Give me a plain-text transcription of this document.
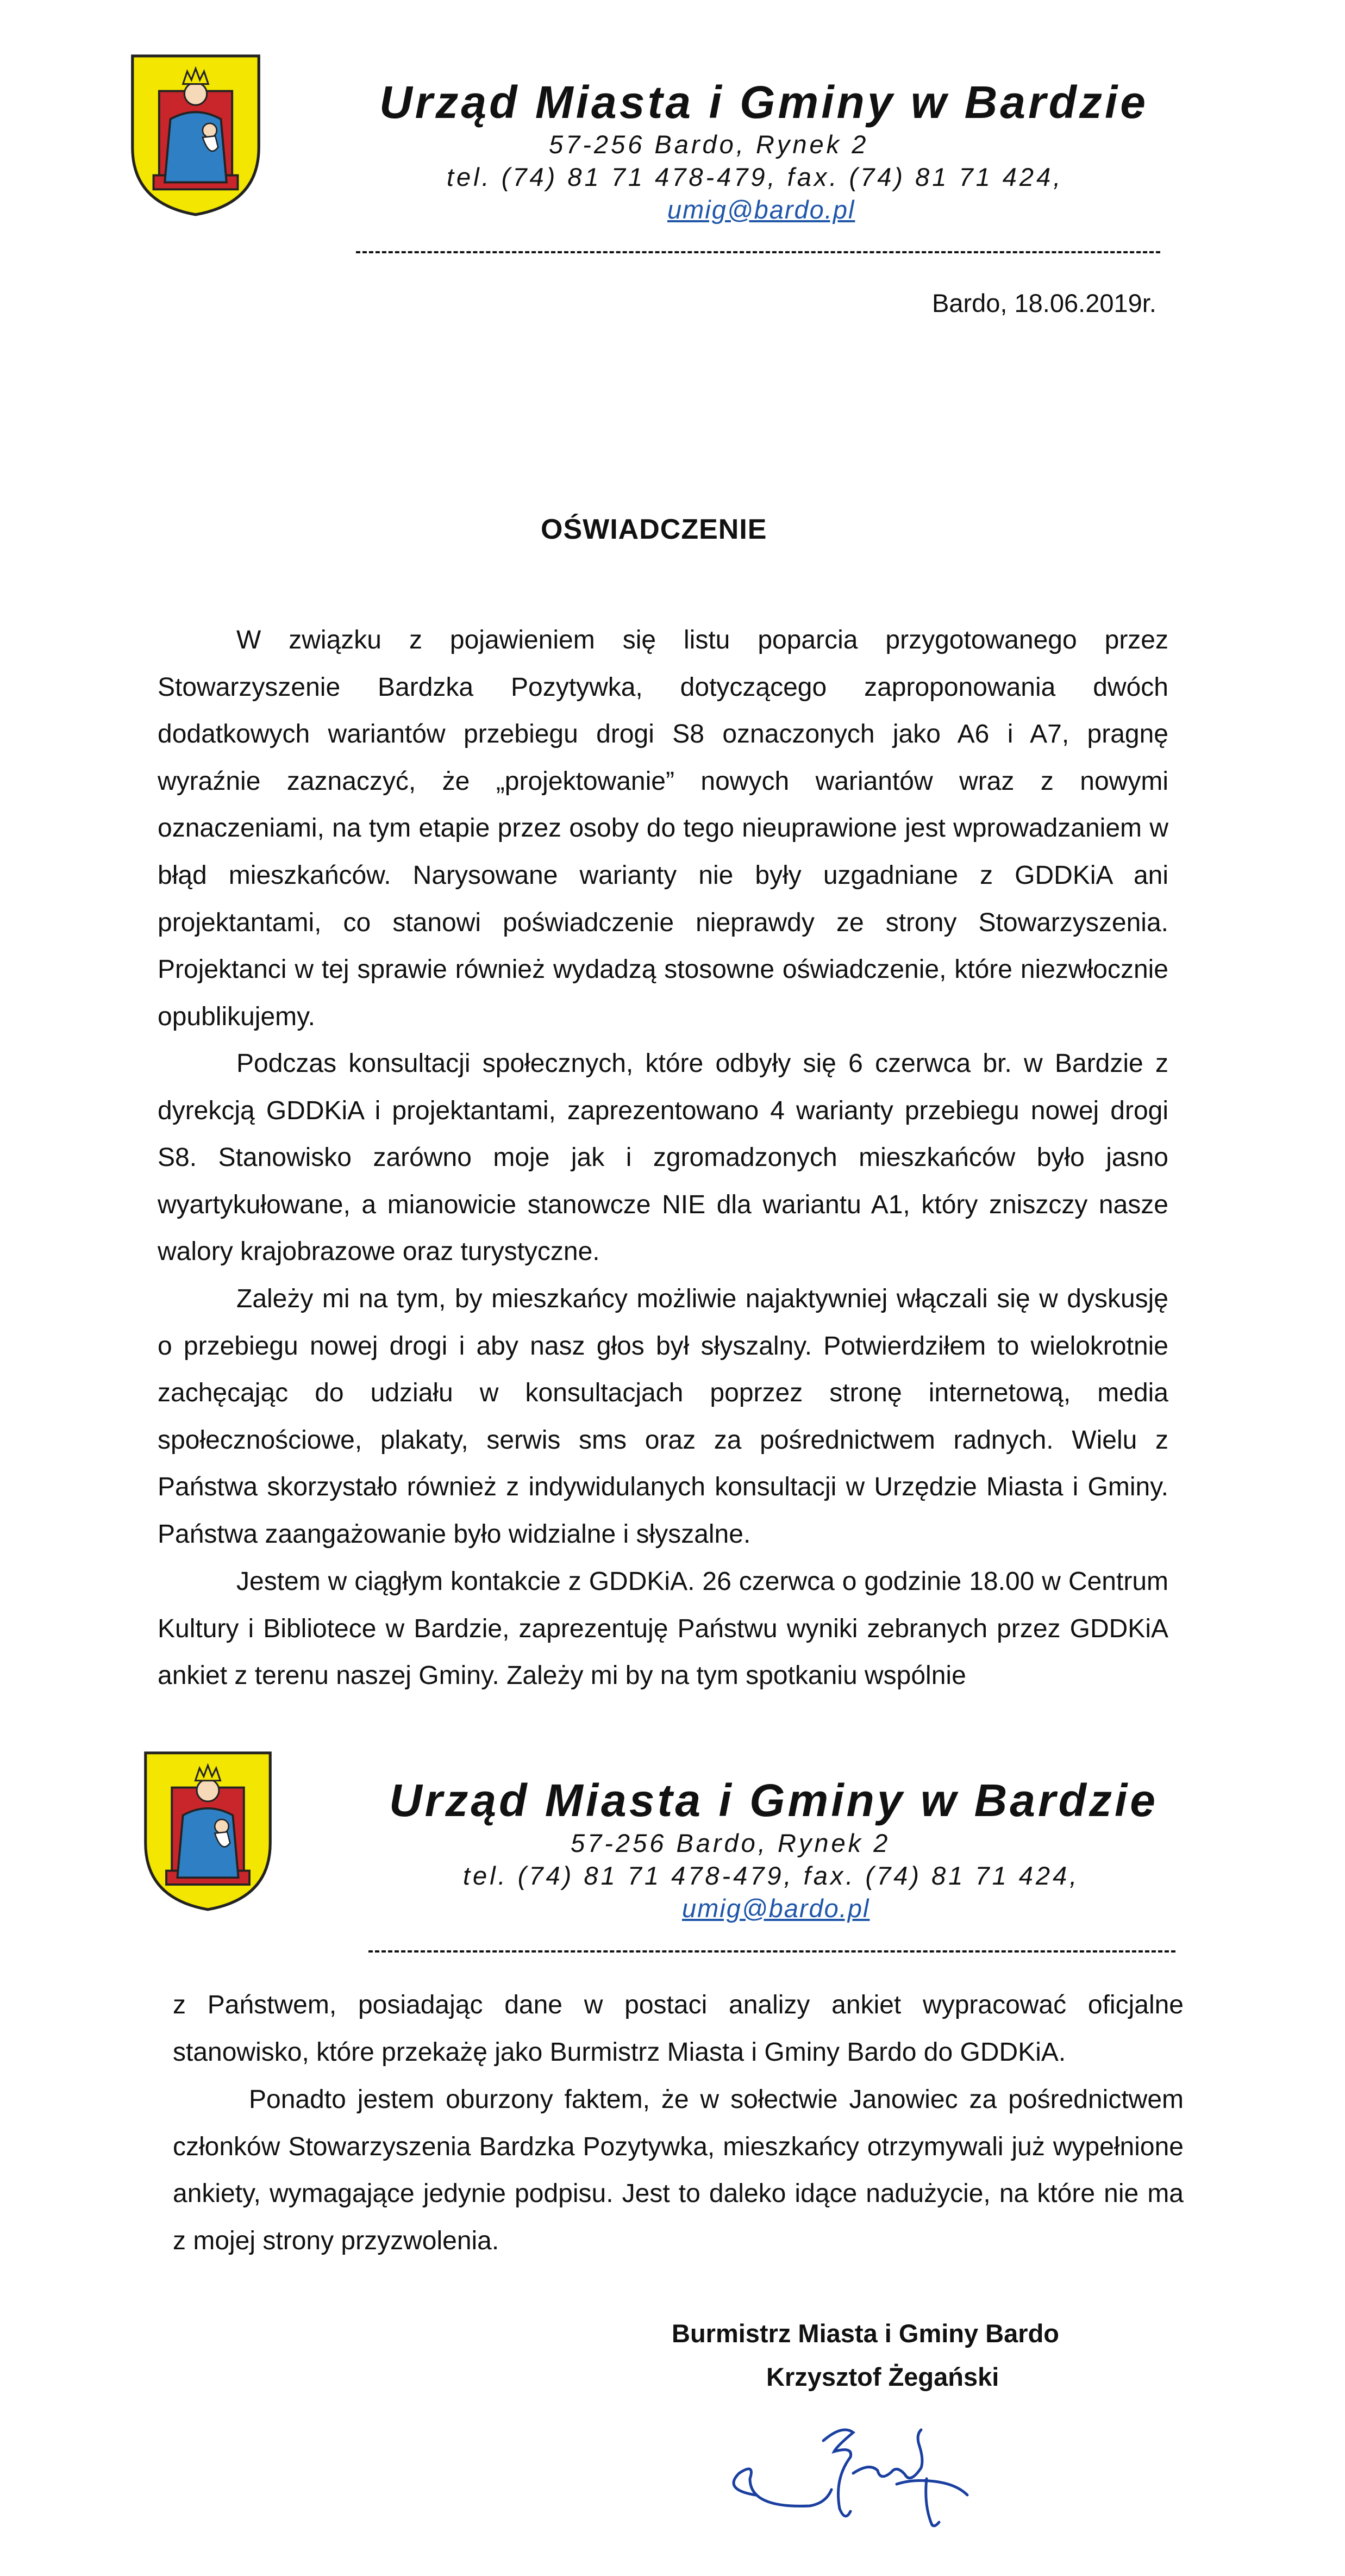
Urząd Miasta i Gminy w Bardzie
57-256 Bardo, Rynek 2
tel. (74) 81 71 478-479, fax. (74) 81 71 424,
umig@bardo.pl
Bardo, 18.06.2019r.
OŚWIADCZENIE

W związku z pojawieniem się listu poparcia przygotowanego przez Stowarzyszenie Bardzka Pozytywka, dotyczącego zaproponowania dwóch dodatkowych wariantów przebiegu drogi S8 oznaczonych jako A6 i A7, pragnę wyraźnie zaznaczyć, że „projektowanie” nowych wariantów wraz z nowymi oznaczeniami, na tym etapie przez osoby do tego nieuprawione jest wprowadzaniem w błąd mieszkańców. Narysowane warianty nie były uzgadniane z GDDKiA ani projektantami, co stanowi poświadczenie nieprawdy ze strony Stowarzyszenia. Projektanci w tej sprawie również wydadzą stosowne oświadczenie, które niezwłocznie opublikujemy.

Podczas konsultacji społecznych, które odbyły się 6 czerwca br. w Bardzie z dyrekcją GDDKiA i projektantami, zaprezentowano 4 warianty przebiegu nowej drogi S8. Stanowisko zarówno moje jak i zgromadzonych mieszkańców było jasno wyartykułowane, a mianowicie stanowcze NIE dla wariantu A1, który zniszczy nasze walory krajobrazowe oraz turystyczne.

Zależy mi na tym, by mieszkańcy możliwie najaktywniej włączali się w dyskusję o przebiegu nowej drogi i aby nasz głos był słyszalny. Potwierdziłem to wielokrotnie zachęcając do udziału w konsultacjach poprzez stronę internetową, media społecznościowe, plakaty, serwis sms oraz za pośrednictwem radnych. Wielu z Państwa skorzystało również z indywidulanych konsultacji w Urzędzie Miasta i Gminy. Państwa zaangażowanie było widzialne i słyszalne.

Jestem w ciągłym kontakcie z GDDKiA. 26 czerwca o godzinie 18.00 w Centrum Kultury i Bibliotece w Bardzie, zaprezentuję Państwu wyniki zebranych przez GDDKiA ankiet z terenu naszej Gminy. Zależy mi by na tym spotkaniu wspólnie

Urząd Miasta i Gminy w Bardzie
57-256 Bardo, Rynek 2
tel. (74) 81 71 478-479, fax. (74) 81 71 424,
umig@bardo.pl

z Państwem, posiadając dane w postaci analizy ankiet wypracować oficjalne stanowisko, które przekażę jako Burmistrz Miasta i Gminy Bardo do GDDKiA.

Ponadto jestem oburzony faktem, że w sołectwie Janowiec za pośrednictwem członków Stowarzyszenia Bardzka Pozytywka, mieszkańcy otrzymywali już wypełnione ankiety, wymagające jedynie podpisu. Jest to daleko idące nadużycie, na które nie ma z mojej strony przyzwolenia.

Burmistrz Miasta i Gminy Bardo
Krzysztof Żegański
